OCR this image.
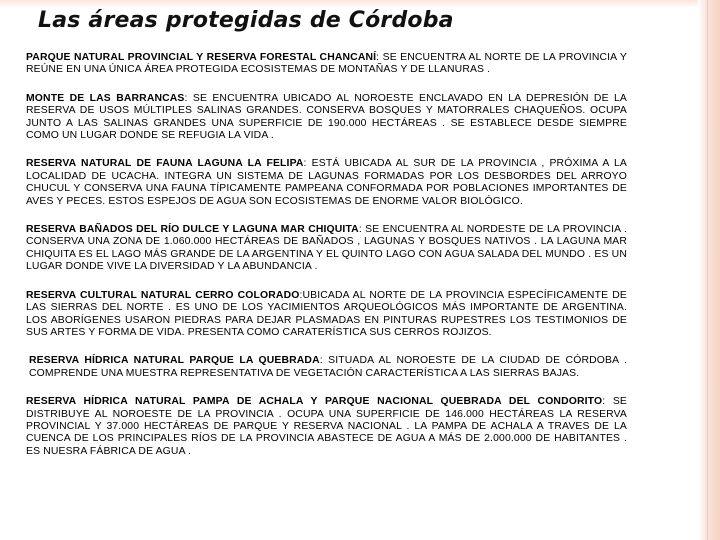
Las áreas protegidas de Córdoba

PARQUE NATURAL PROVINCIAL Y RESERVA FORESTAL CHANCANÍ: SE ENCUENTRA AL NORTE DE LA PROVINCIA Y REÚNE EN UNA ÚNICA ÁREA PROTEGIDA ECOSISTEMAS DE MONTAÑAS Y DE LLANURAS .

MONTE DE LAS BARRANCAS: SE ENCUENTRA UBICADO AL NOROESTE ENCLAVADO EN LA DEPRESIÓN DE LA RESERVA DE USOS MÚLTIPLES SALINAS GRANDES. CONSERVA BOSQUES Y MATORRALES CHAQUEÑOS. OCUPA JUNTO A LAS SALINAS GRANDES UNA SUPERFICIE DE 190.000 HECTÁREAS . SE ESTABLECE DESDE SIEMPRE COMO UN LUGAR DONDE SE REFUGIA LA VIDA .

RESERVA NATURAL DE FAUNA LAGUNA LA FELIPA: ESTÁ UBICADA AL SUR DE LA PROVINCIA , PRÓXIMA A LA LOCALIDAD DE UCACHA. INTEGRA UN SISTEMA DE LAGUNAS FORMADAS POR LOS DESBORDES DEL ARROYO CHUCUL Y CONSERVA UNA FAUNA TÍPICAMENTE PAMPEANA CONFORMADA POR POBLACIONES IMPORTANTES DE AVES Y PECES. ESTOS ESPEJOS DE AGUA SON ECOSISTEMAS DE ENORME VALOR BIOLÓGICO.

RESERVA BAÑADOS DEL RÍO DULCE Y LAGUNA MAR CHIQUITA: SE ENCUENTRA AL NORDESTE DE LA PROVINCIA . CONSERVA UNA ZONA DE 1.060.000 HECTÁREAS DE BAÑADOS , LAGUNAS Y BOSQUES NATIVOS . LA LAGUNA MAR CHIQUITA ES EL LAGO MÁS GRANDE DE LA ARGENTINA Y EL QUINTO LAGO CON AGUA SALADA DEL MUNDO . ES UN LUGAR DONDE VIVE LA DIVERSIDAD Y LA ABUNDANCIA .

RESERVA CULTURAL NATURAL CERRO COLORADO:UBICADA AL NORTE DE LA PROVINCIA ESPECÍFICAMENTE DE LAS SIERRAS DEL NORTE . ES UNO DE LOS YACIMIENTOS ARQUEOLÓGICOS MÁS IMPORTANTE DE ARGENTINA. LOS ABORÍGENES USARON PIEDRAS PARA DEJAR PLASMADAS EN PINTURAS RUPESTRES LOS TESTIMONIOS DE SUS ARTES Y FORMA DE VIDA. PRESENTA COMO CARATERÍSTICA SUS CERROS ROJIZOS.

RESERVA HÍDRICA NATURAL PARQUE LA QUEBRADA: SITUADA AL NOROESTE DE LA CIUDAD DE CÓRDOBA . COMPRENDE UNA MUESTRA REPRESENTATIVA DE VEGETACIÓN CARACTERÍSTICA A LAS SIERRAS BAJAS.

RESERVA HÍDRICA NATURAL PAMPA DE ACHALA Y PARQUE NACIONAL QUEBRADA DEL CONDORITO: SE DISTRIBUYE AL NOROESTE DE LA PROVINCIA . OCUPA UNA SUPERFICIE DE 146.000 HECTÁREAS LA RESERVA PROVINCIAL Y 37.000 HECTÁREAS DE PARQUE Y RESERVA NACIONAL . LA PAMPA DE ACHALA A TRAVES DE LA CUENCA DE LOS PRINCIPALES RÍOS DE LA PROVINCIA ABASTECE DE AGUA A MÁS DE 2.000.000 DE HABITANTES . ES NUESRA FÁBRICA DE AGUA .
